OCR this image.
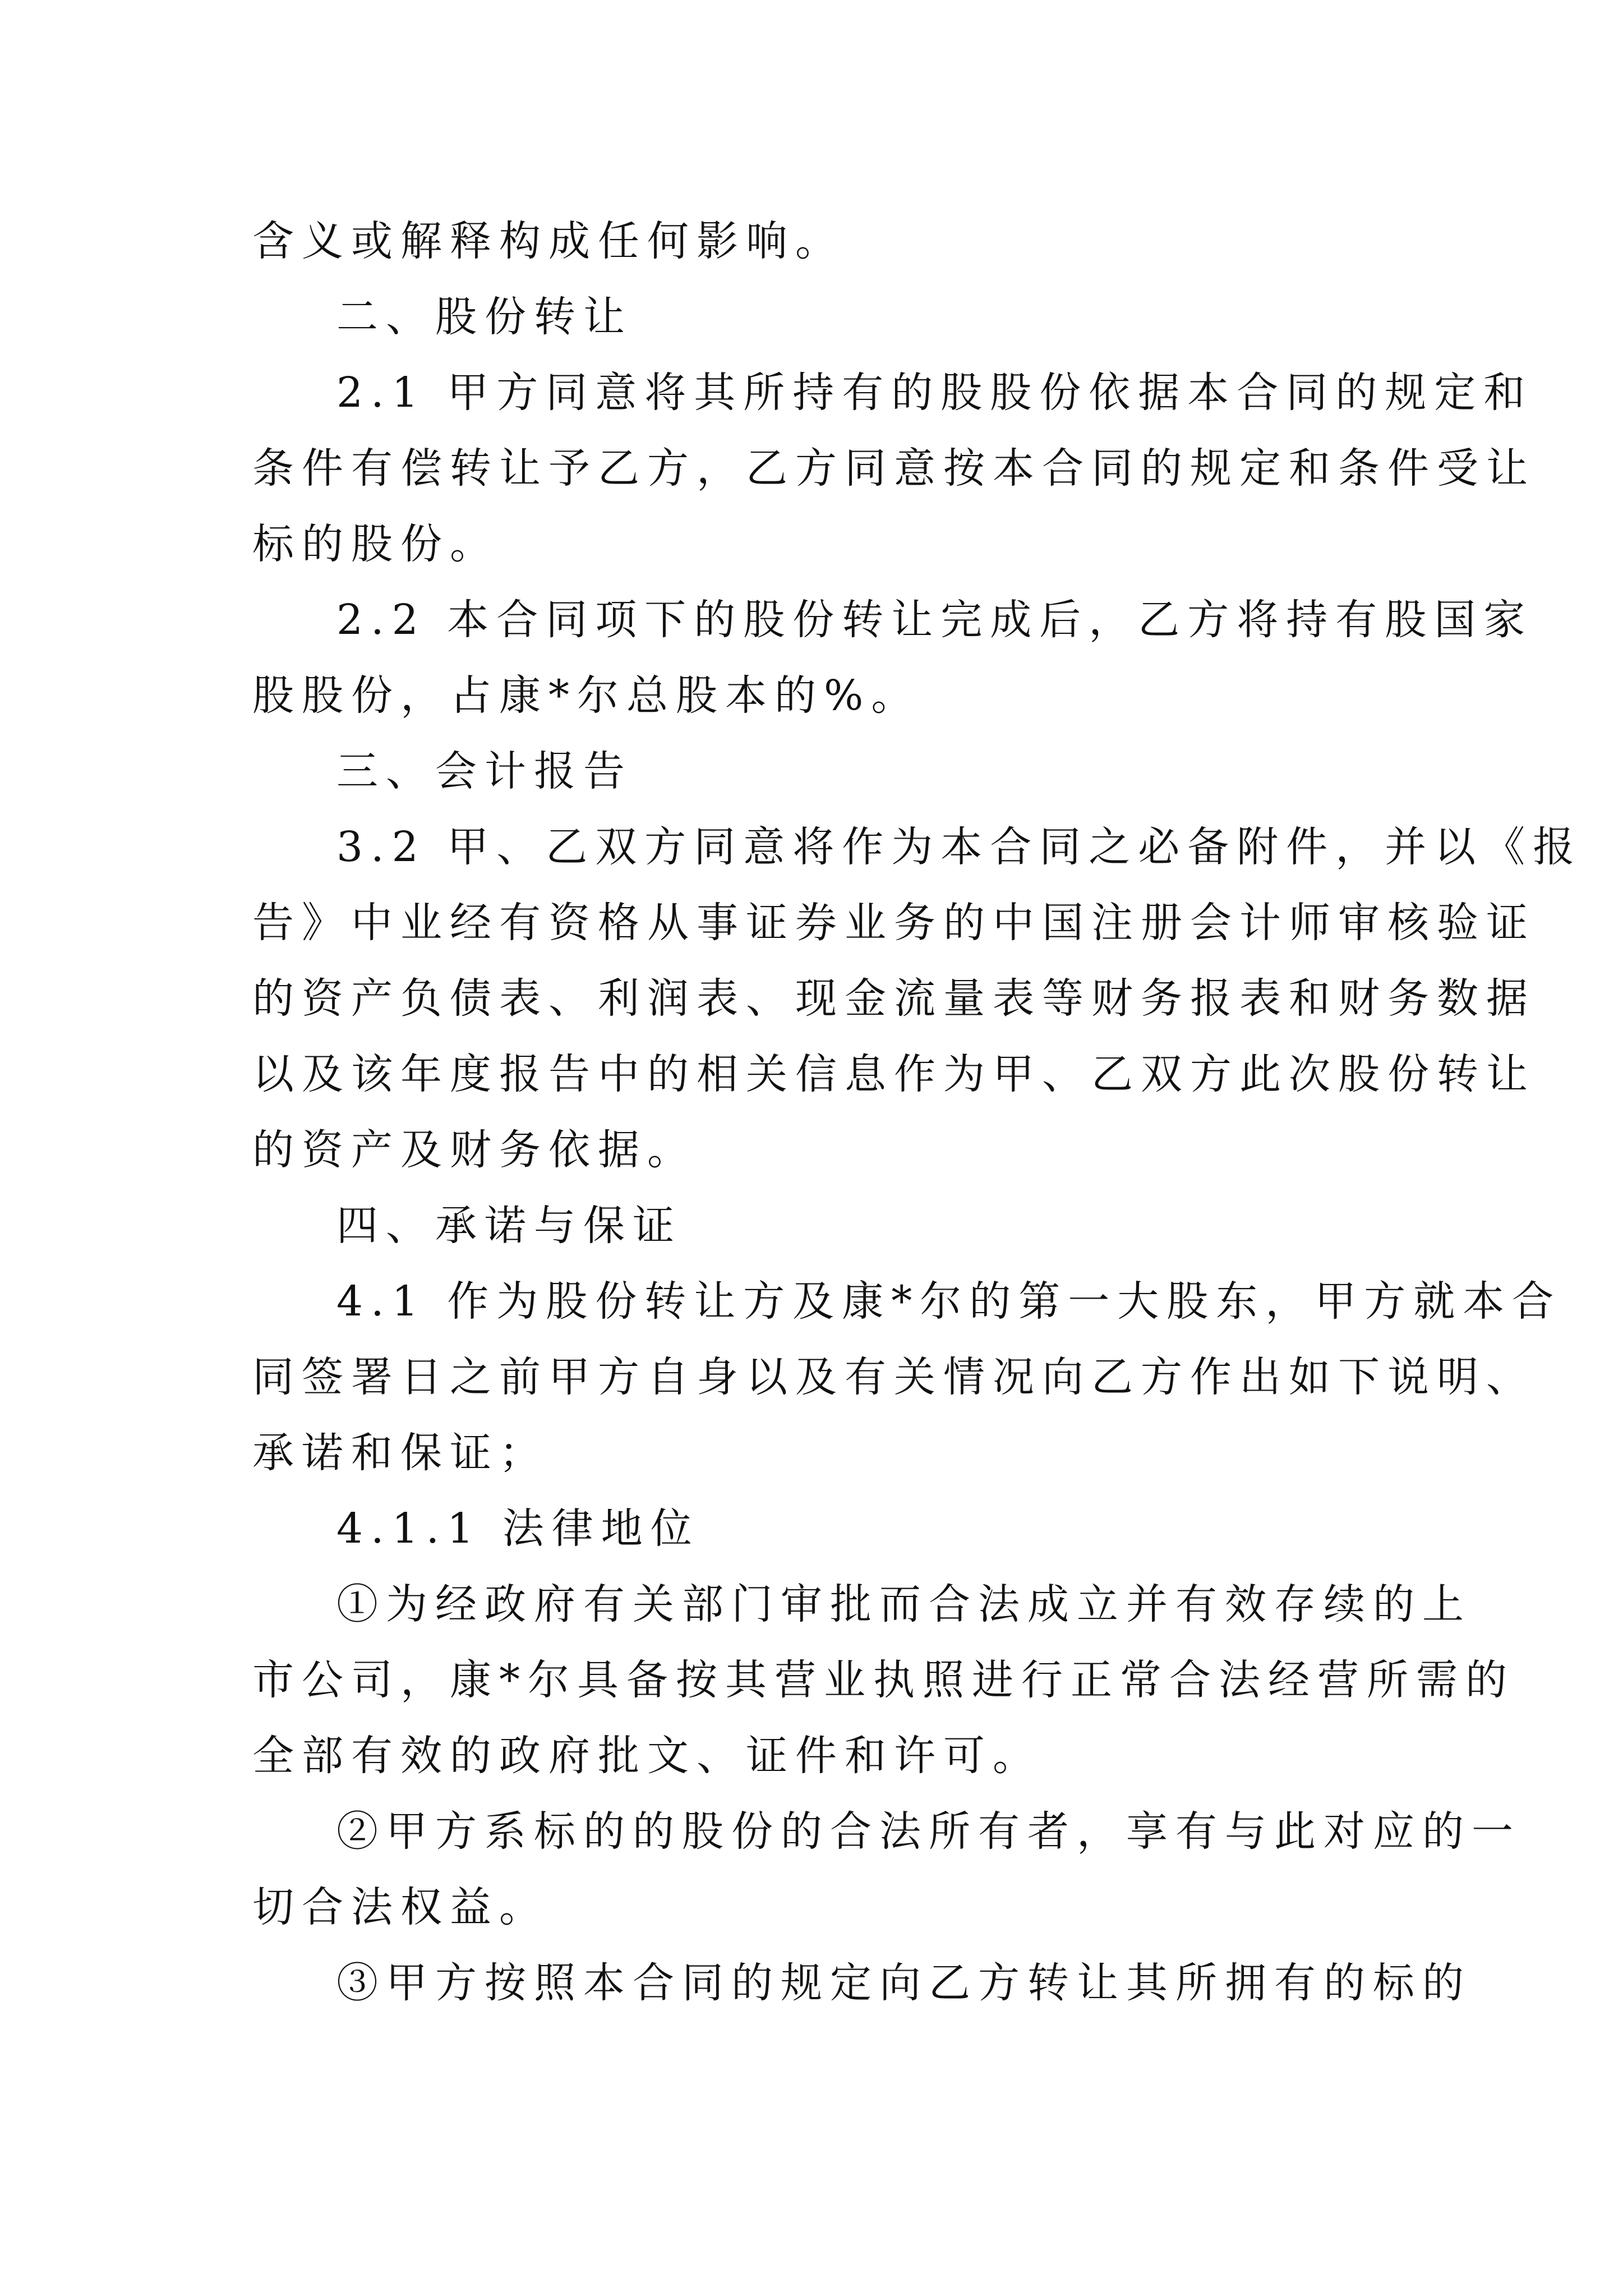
含义或解释构成任何影响。
二、股份转让
2.1 甲方同意将其所持有的股股份依据本合同的规定和
条件有偿转让予乙方，乙方同意按本合同的规定和条件受让
标的股份。
2.2 本合同项下的股份转让完成后，乙方将持有股国家
股股份，占康*尔总股本的%。
三、会计报告
3.2 甲、乙双方同意将作为本合同之必备附件，并以《报
告》中业经有资格从事证券业务的中国注册会计师审核验证
的资产负债表、利润表、现金流量表等财务报表和财务数据
以及该年度报告中的相关信息作为甲、乙双方此次股份转让
的资产及财务依据。
四、承诺与保证
4.1 作为股份转让方及康*尔的第一大股东，甲方就本合
同签署日之前甲方自身以及有关情况向乙方作出如下说明、
承诺和保证；
4.1.1 法律地位
①为经政府有关部门审批而合法成立并有效存续的上
市公司，康*尔具备按其营业执照进行正常合法经营所需的
全部有效的政府批文、证件和许可。
②甲方系标的的股份的合法所有者，享有与此对应的一
切合法权益。
③甲方按照本合同的规定向乙方转让其所拥有的标的
